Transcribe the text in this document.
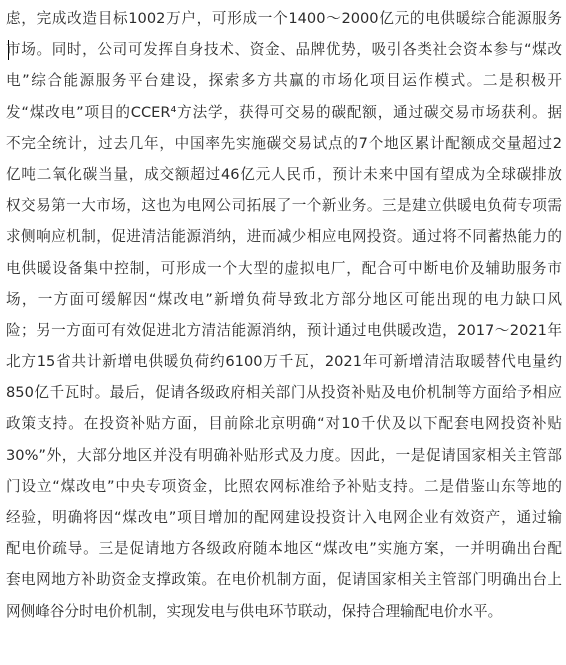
虑，完成改造目标1002万户，可形成一个1400～2000亿元的电供暖综合能源服务
市场。同时，公司可发挥自身技术、资金、品牌优势，吸引各类社会资本参与“煤改
电”综合能源服务平台建设，探索多方共赢的市场化项目运作模式。二是积极开
发“煤改电”项目的CCER⁴方法学，获得可交易的碳配额，通过碳交易市场获利。据
不完全统计，过去几年，中国率先实施碳交易试点的7个地区累计配额成交量超过2
亿吨二氧化碳当量，成交额超过46亿元人民币，预计未来中国有望成为全球碳排放
权交易第一大市场，这也为电网公司拓展了一个新业务。三是建立供暖电负荷专项需
求侧响应机制，促进清洁能源消纳，进而减少相应电网投资。通过将不同蓄热能力的
电供暖设备集中控制，可形成一个大型的虚拟电厂，配合可中断电价及辅助服务市
场，一方面可缓解因“煤改电”新增负荷导致北方部分地区可能出现的电力缺口风
险；另一方面可有效促进北方清洁能源消纳，预计通过电供暖改造，2017～2021年
北方15省共计新增电供暖负荷约6100万千瓦，2021年可新增清洁取暖替代电量约
850亿千瓦时。最后，促请各级政府相关部门从投资补贴及电价机制等方面给予相应
政策支持。在投资补贴方面，目前除北京明确“对10千伏及以下配套电网投资补贴
30%”外，大部分地区并没有明确补贴形式及力度。因此，一是促请国家相关主管部
门设立“煤改电”中央专项资金，比照农网标准给予补贴支持。二是借鉴山东等地的
经验，明确将因“煤改电”项目增加的配网建设投资计入电网企业有效资产，通过输
配电价疏导。三是促请地方各级政府随本地区“煤改电”实施方案，一并明确出台配
套电网地方补助资金支撑政策。在电价机制方面，促请国家相关主管部门明确出台上
网侧峰谷分时电价机制，实现发电与供电环节联动，保持合理输配电价水平。
